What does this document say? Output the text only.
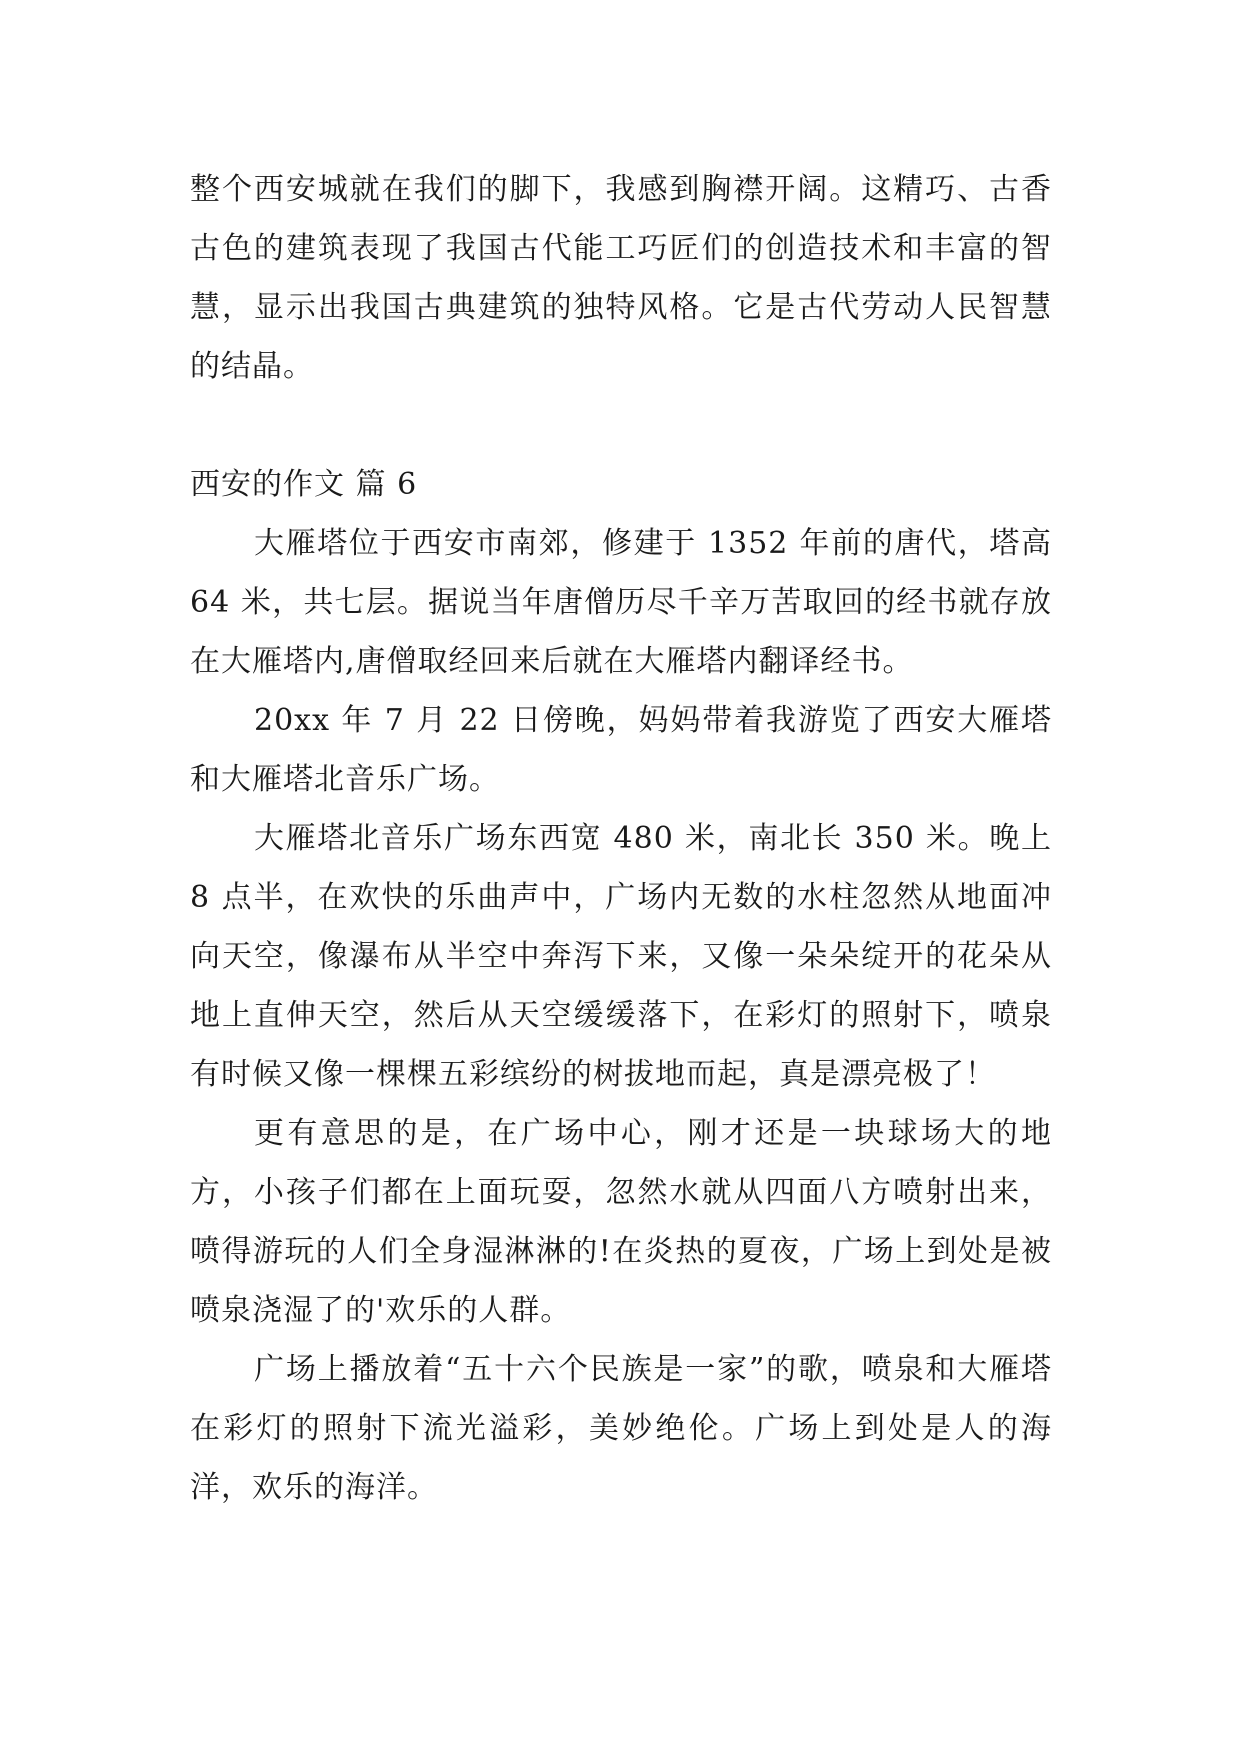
整个西安城就在我们的脚下，我感到胸襟开阔。这精巧、古香古色的建筑表现了我国古代能工巧匠们的创造技术和丰富的智慧，显示出我国古典建筑的独特风格。它是古代劳动人民智慧的结晶。

西安的作文 篇 6

大雁塔位于西安市南郊，修建于 1352 年前的唐代，塔高 64 米，共七层。据说当年唐僧历尽千辛万苦取回的经书就存放在大雁塔内,唐僧取经回来后就在大雁塔内翻译经书。

20xx 年 7 月 22 日傍晚，妈妈带着我游览了西安大雁塔和大雁塔北音乐广场。

大雁塔北音乐广场东西宽 480 米，南北长 350 米。晚上 8 点半，在欢快的乐曲声中，广场内无数的水柱忽然从地面冲向天空，像瀑布从半空中奔泻下来，又像一朵朵绽开的花朵从地上直伸天空，然后从天空缓缓落下，在彩灯的照射下，喷泉有时候又像一棵棵五彩缤纷的树拔地而起，真是漂亮极了！

更有意思的是，在广场中心，刚才还是一块球场大的地方，小孩子们都在上面玩耍，忽然水就从四面八方喷射出来，喷得游玩的人们全身湿淋淋的!在炎热的夏夜，广场上到处是被喷泉浇湿了的'欢乐的人群。

广场上播放着“五十六个民族是一家”的歌，喷泉和大雁塔在彩灯的照射下流光溢彩，美妙绝伦。广场上到处是人的海洋，欢乐的海洋。
